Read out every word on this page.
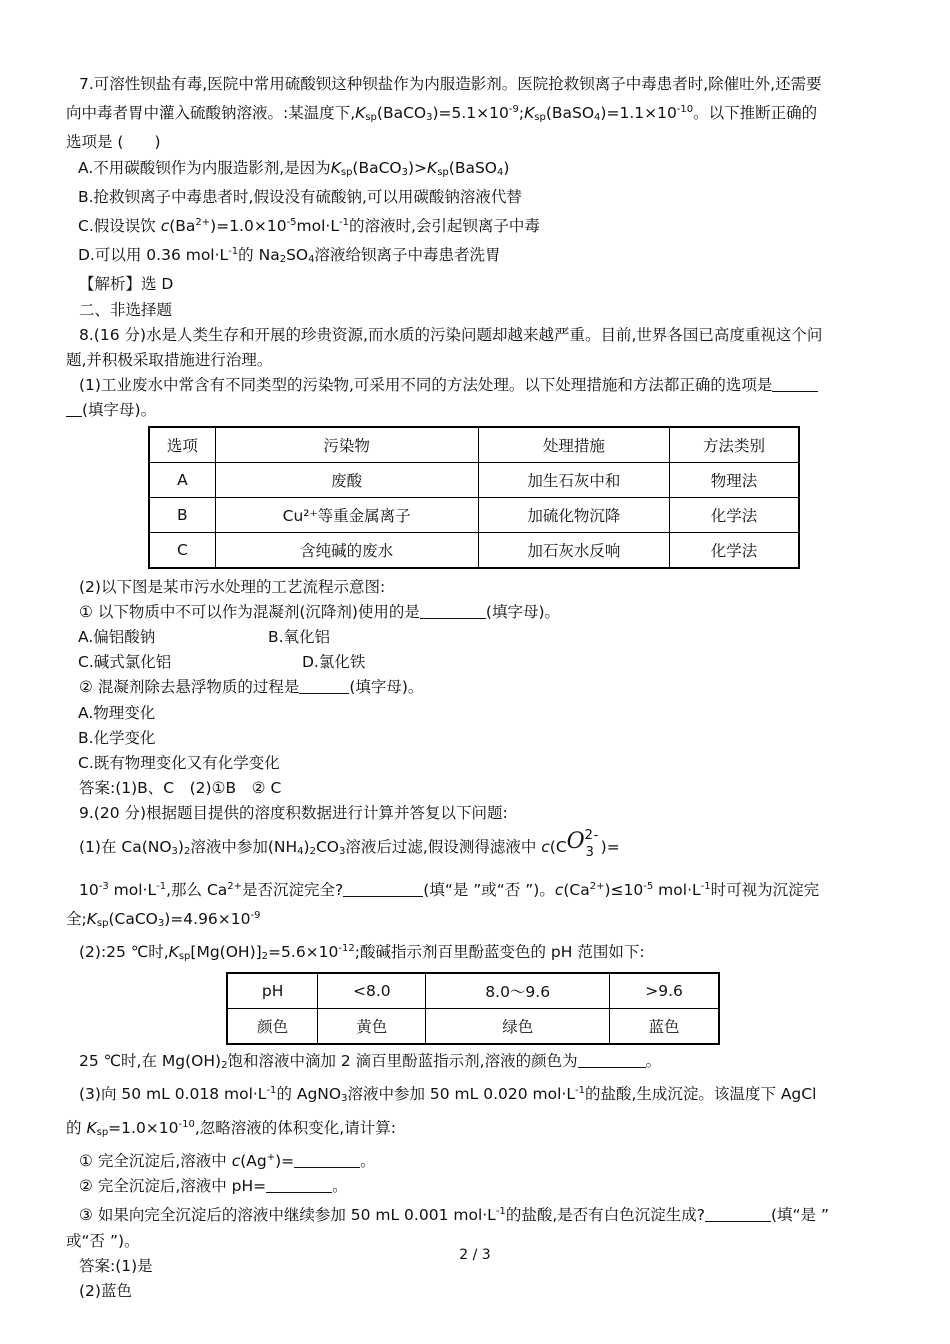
7.可溶性钡盐有毒,医院中常用硫酸钡这种钡盐作为内服造影剂。医院抢救钡离子中毒患者时,除催吐外,还需要

向中毒者胃中灌入硫酸钠溶液。:某温度下$,K_{sp}(BaCO_3)=5.1\times 10^{-9};K_{sp}(BaSO_4)=1.1\times 10^{-10}$。以下推断正确的

选项是 (　　)

A.不用碳酸钡作为内服造影剂,是因为$K_{sp}(BaCO_3)>K_{sp}(BaSO_4)$

B.抢救钡离子中毒患者时,假设没有硫酸钠,可以用碳酸钠溶液代替

C.假设误饮 $c(Ba^{2+})=1.0\times 10^{-5}mol\cdot L^{-1}$的溶液时,会引起钡离子中毒

D.可以用 0.36 $mol\cdot L^{-1}$的 $Na_2SO_4$溶液给钡离子中毒患者洗胃

【解析】选 D

二、非选择题

8.(16 分)水是人类生存和开展的珍贵资源,而水质的污染问题却越来越严重。目前,世界各国已高度重视这个问

题,并积极采取措施进行治理。

(1)工业废水中常含有不同类型的污染物,可采用不同的方法处理。以下处理措施和方法都正确的选项是

(填字母)。

选项	污染物	处理措施	方法类别
A	废酸	加生石灰中和	物理法
B	Cu²⁺等重金属离子	加硫化物沉降	化学法
C	含纯碱的废水	加石灰水反响	化学法

(2)以下图是某市污水处理的工艺流程示意图:

① 以下物质中不可以作为混凝剂(沉降剂)使用的是	(填字母)。

A.偏铝酸钠	B.氧化铝

C.碱式氯化铝	D.氯化铁

② 混凝剂除去悬浮物质的过程是	(填字母)。

A.物理变化

B.化学变化

C.既有物理变化又有化学变化

答案:(1)B、C　(2)①B　② C

9.(20 分)根据题目提供的溶度积数据进行计算并答复以下问题:

(1)在 $Ca(NO_3)_2$溶液中参加$(NH_4)_2CO_3$溶液后过滤,假设测得滤液中 c(C O 2 -
3 )=

$10^{-3}$ $mol\cdot L^{-1}$,那么 $Ca^{2+}$是否沉淀完全?	(填“是 ”或“否 ”)。$c(Ca^{2+})\le 10^{-5}$ $mol\cdot L^{-1}$时可视为沉淀完

全$;K_{sp}(CaCO_3)=4.96\times 10^{-9}$

(2):25 ℃时$,K_{sp}[Mg(OH)]_2=5.6\times 10^{-12}$;酸碱指示剂百里酚蓝变色的 pH 范围如下:

pH	<8.0	8.0～9.6	>9.6
颜色	黄色	绿色	蓝色

25 ℃时,在 $Mg(OH)_2$饱和溶液中滴加 2 滴百里酚蓝指示剂,溶液的颜色为	。

(3)向 50 mL 0.018 $mol\cdot L^{-1}$的 AgNO$_3$溶液中参加 50 mL 0.020 $mol\cdot L^{-1}$的盐酸,生成沉淀。该温度下 AgCl

的 $K_{sp}=1.0\times 10^{-10}$,忽略溶液的体积变化,请计算:

① 完全沉淀后,溶液中 c(Ag+)=	。

② 完全沉淀后,溶液中 pH=	。

③ 如果向完全沉淀后的溶液中继续参加 50 mL 0.001 $mol\cdot L^{-1}$的盐酸,是否有白色沉淀生成?	(填“是 ”

或“否 ”)。

答案:(1)是

(2)蓝色

2 / 3
